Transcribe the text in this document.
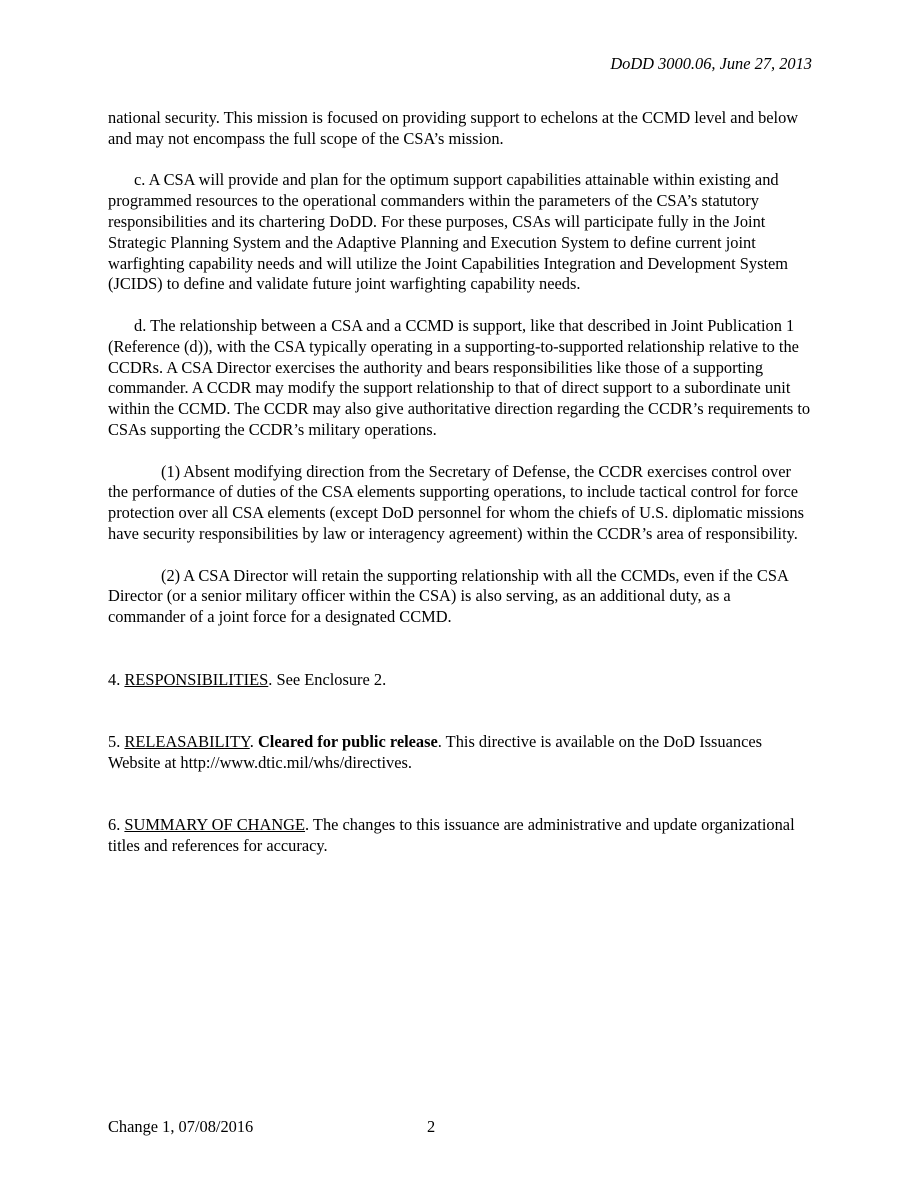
DoDD 3000.06, June 27, 2013

national security. This mission is focused on providing support to echelons at the CCMD level and below and may not encompass the full scope of the CSA’s mission.

c. A CSA will provide and plan for the optimum support capabilities attainable within existing and programmed resources to the operational commanders within the parameters of the CSA’s statutory responsibilities and its chartering DoDD. For these purposes, CSAs will participate fully in the Joint Strategic Planning System and the Adaptive Planning and Execution System to define current joint warfighting capability needs and will utilize the Joint Capabilities Integration and Development System (JCIDS) to define and validate future joint warfighting capability needs.

d. The relationship between a CSA and a CCMD is support, like that described in Joint Publication 1 (Reference (d)), with the CSA typically operating in a supporting-to-supported relationship relative to the CCDRs. A CSA Director exercises the authority and bears responsibilities like those of a supporting commander. A CCDR may modify the support relationship to that of direct support to a subordinate unit within the CCMD. The CCDR may also give authoritative direction regarding the CCDR’s requirements to CSAs supporting the CCDR’s military operations.

(1) Absent modifying direction from the Secretary of Defense, the CCDR exercises control over the performance of duties of the CSA elements supporting operations, to include tactical control for force protection over all CSA elements (except DoD personnel for whom the chiefs of U.S. diplomatic missions have security responsibilities by law or interagency agreement) within the CCDR’s area of responsibility.

(2) A CSA Director will retain the supporting relationship with all the CCMDs, even if the CSA Director (or a senior military officer within the CSA) is also serving, as an additional duty, as a commander of a joint force for a designated CCMD.

4. RESPONSIBILITIES. See Enclosure 2.

5. RELEASABILITY. Cleared for public release. This directive is available on the DoD Issuances Website at http://www.dtic.mil/whs/directives.

6. SUMMARY OF CHANGE. The changes to this issuance are administrative and update organizational titles and references for accuracy.

Change 1, 07/08/2016	2
